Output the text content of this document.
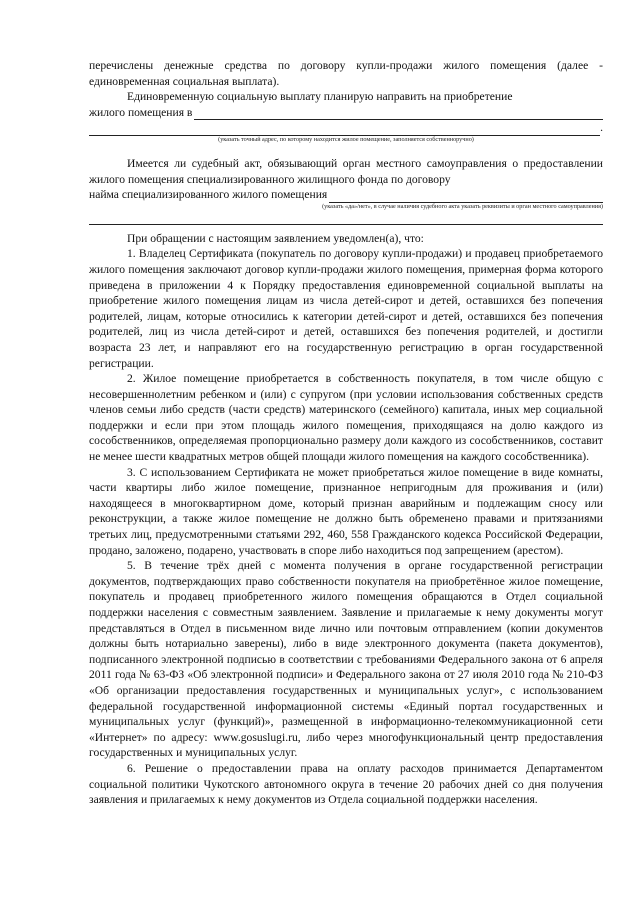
перечислены денежные средства по договору купли-продажи жилого помещения (далее - единовременная социальная выплата).

Единовременную социальную выплату планирую направить на приобретение

жилого помещения в
.
(указать точный адрес, по которому находится жилое помещение, заполняется собственноручно)

Имеется ли судебный акт, обязывающий орган местного самоуправления о предоставлении жилого помещения специализированного жилищного фонда по договору

найма специализированного жилого помещения
(указать «да»/нет», в случае наличия судебного акта указать реквизиты и орган местного самоуправления)

При обращении с настоящим заявлением уведомлен(а), что:

1. Владелец Сертификата (покупатель по договору купли-продажи) и продавец приобретаемого жилого помещения заключают договор купли-продажи жилого помещения, примерная форма которого приведена в приложении 4 к Порядку предоставления единовременной социальной выплаты на приобретение жилого помещения лицам из числа детей-сирот и детей, оставшихся без попечения родителей, лицам, которые относились к категории детей-сирот и детей, оставшихся без попечения родителей, лиц из числа детей-сирот и детей, оставшихся без попечения родителей, и достигли возраста 23 лет, и направляют его на государственную регистрацию в орган государственной регистрации.

2. Жилое помещение приобретается в собственность покупателя, в том числе общую с несовершеннолетним ребенком и (или) с супругом (при условии использования собственных средств членов семьи либо средств (части средств) материнского (семейного) капитала, иных мер социальной поддержки и если при этом площадь жилого помещения, приходящаяся на долю каждого из сособственников, определяемая пропорционально размеру доли каждого из сособственников, составит не менее шести квадратных метров общей площади жилого помещения на каждого сособственника).

3. С использованием Сертификата не может приобретаться жилое помещение в виде комнаты, части квартиры либо жилое помещение, признанное непригодным для проживания и (или) находящееся в многоквартирном доме, который признан аварийным и подлежащим сносу или реконструкции, а также жилое помещение не должно быть обременено правами и притязаниями третьих лиц, предусмотренными статьями 292, 460, 558 Гражданского кодекса Российской Федерации, продано, заложено, подарено, участвовать в споре либо находиться под запрещением (арестом).

5. В течение трёх дней с момента получения в органе государственной регистрации документов, подтверждающих право собственности покупателя на приобретённое жилое помещение, покупатель и продавец приобретенного жилого помещения обращаются в Отдел социальной поддержки населения с совместным заявлением. Заявление и прилагаемые к нему документы могут представляться в Отдел в письменном виде лично или почтовым отправлением (копии документов должны быть нотариально заверены), либо в виде электронного документа (пакета документов), подписанного электронной подписью в соответствии с требованиями Федерального закона от 6 апреля 2011 года № 63-ФЗ «Об электронной подписи» и Федерального закона от 27 июля 2010 года № 210-ФЗ «Об организации предоставления государственных и муниципальных услуг», с использованием федеральной государственной информационной системы «Единый портал государственных и муниципальных услуг (функций)», размещенной в информационно-телекоммуникационной сети «Интернет» по адресу: www.gosuslugi.ru, либо через многофункциональный центр предоставления государственных и муниципальных услуг.

6. Решение о предоставлении права на оплату расходов принимается Департаментом социальной политики Чукотского автономного округа в течение 20 рабочих дней со дня получения заявления и прилагаемых к нему документов из Отдела социальной поддержки населения.
